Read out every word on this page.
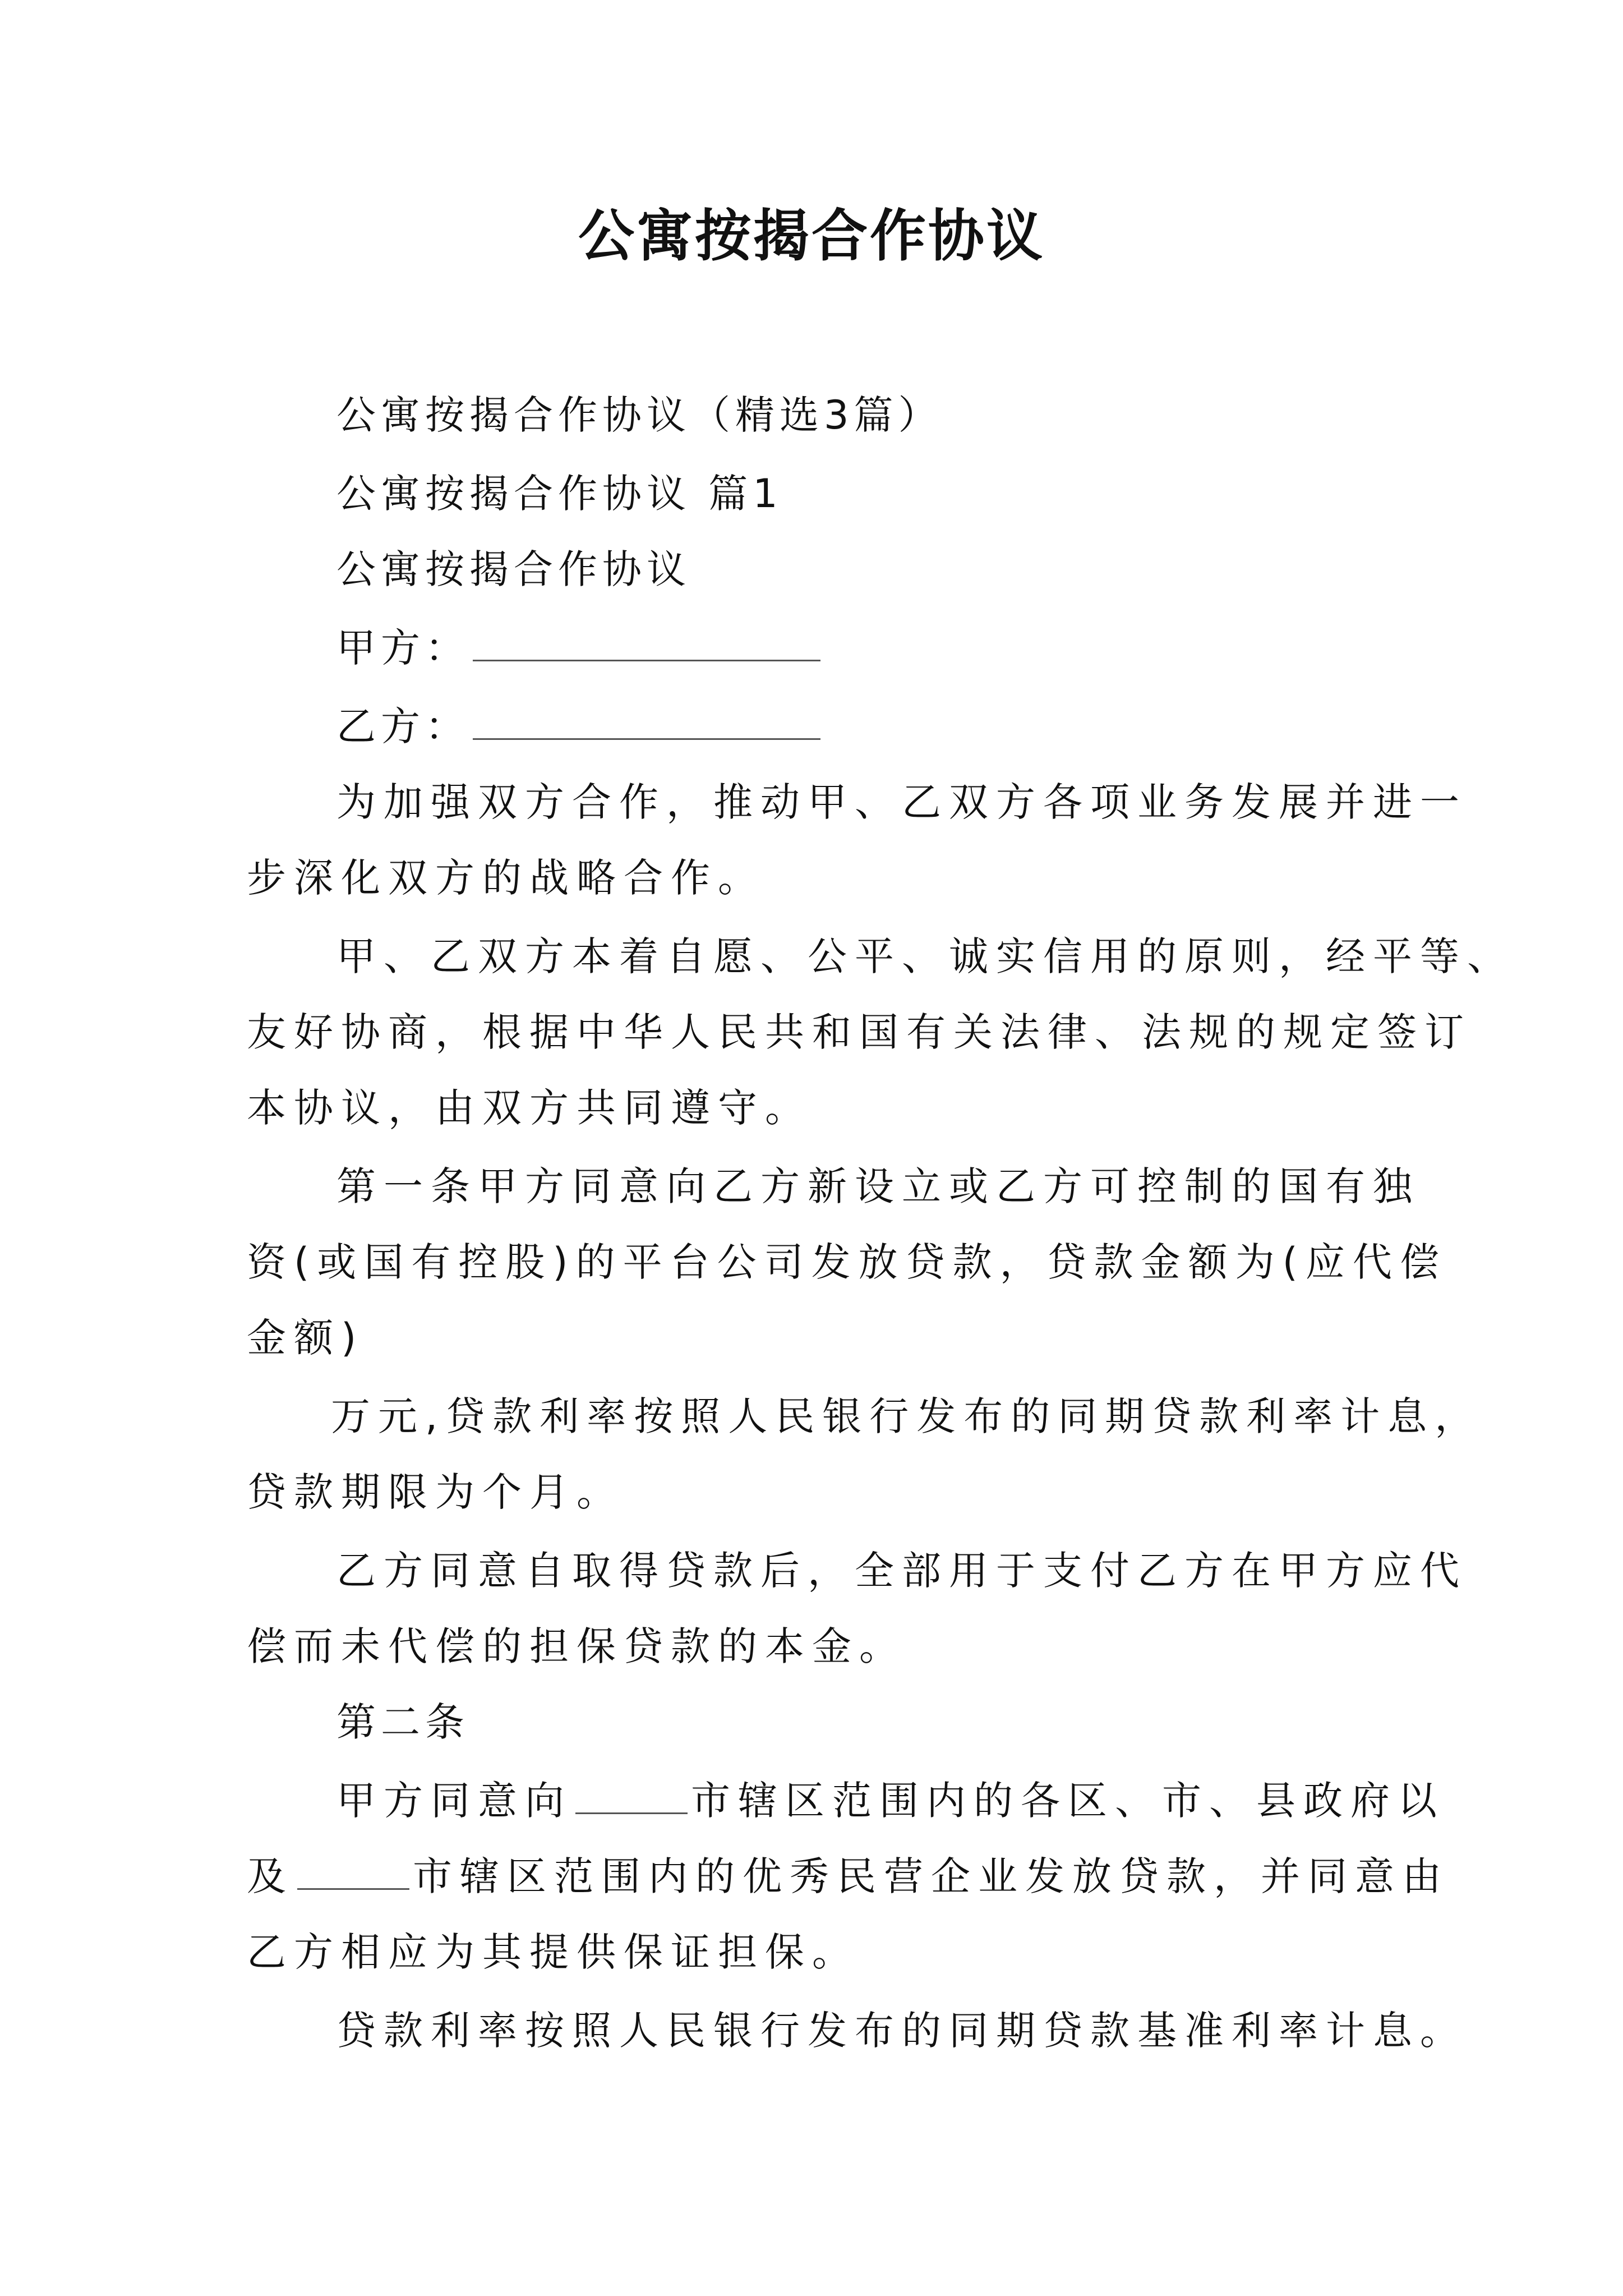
公寓按揭合作协议
公寓按揭合作协议（精选3篇）
公寓按揭合作协议 篇1
公寓按揭合作协议
甲方：
乙方：
为加强双方合作，推动甲、乙双方各项业务发展并进一
步深化双方的战略合作。
甲、乙双方本着自愿、公平、诚实信用的原则，经平等、
友好协商，根据中华人民共和国有关法律、法规的规定签订
本协议，由双方共同遵守。
第一条甲方同意向乙方新设立或乙方可控制的国有独
资(或国有控股)的平台公司发放贷款，贷款金额为(应代偿
金额)
万元,贷款利率按照人民银行发布的同期贷款利率计息，
贷款期限为个月。
乙方同意自取得贷款后，全部用于支付乙方在甲方应代
偿而未代偿的担保贷款的本金。
第二条
甲方同意向	市辖区范围内的各区、市、县政府以
及	市辖区范围内的优秀民营企业发放贷款，并同意由
乙方相应为其提供保证担保。
贷款利率按照人民银行发布的同期贷款基准利率计息。
